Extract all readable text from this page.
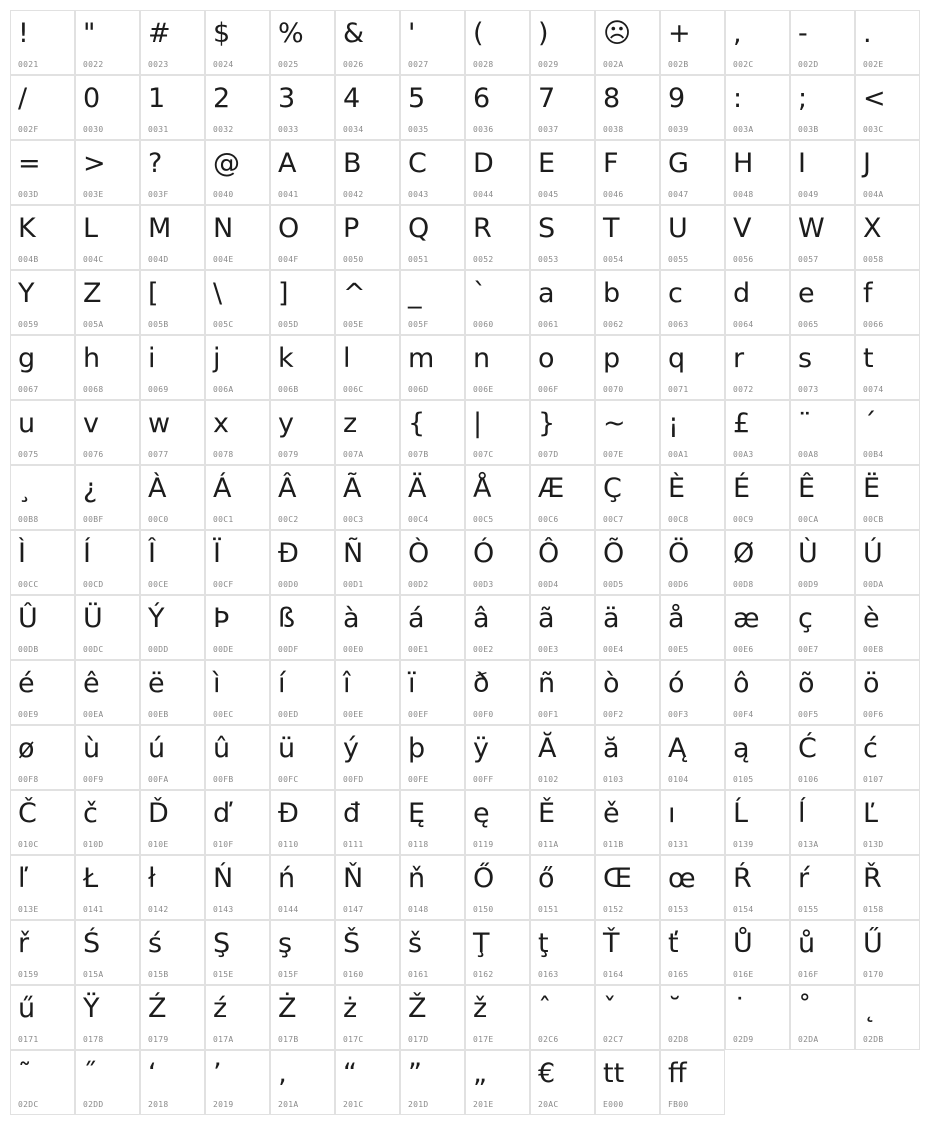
!
0021
"
0022
#
0023
$
0024
%
0025
&
0026
'
0027
(
0028
)
0029
☹
002A
+
002B
,
002C
-
002D
.
002E
/
002F
0
0030
1
0031
2
0032
3
0033
4
0034
5
0035
6
0036
7
0037
8
0038
9
0039
:
003A
;
003B
<
003C
=
003D
>
003E
?
003F
@
0040
A
0041
B
0042
C
0043
D
0044
E
0045
F
0046
G
0047
H
0048
I
0049
J
004A
K
004B
L
004C
M
004D
N
004E
O
004F
P
0050
Q
0051
R
0052
S
0053
T
0054
U
0055
V
0056
W
0057
X
0058
Y
0059
Z
005A
[
005B
\
005C
]
005D
^
005E
_
005F
`
0060
a
0061
b
0062
c
0063
d
0064
e
0065
f
0066
g
0067
h
0068
i
0069
j
006A
k
006B
l
006C
m
006D
n
006E
o
006F
p
0070
q
0071
r
0072
s
0073
t
0074
u
0075
v
0076
w
0077
x
0078
y
0079
z
007A
{
007B
|
007C
}
007D
~
007E
¡
00A1
£
00A3
¨
00A8
´
00B4
¸
00B8
¿
00BF
À
00C0
Á
00C1
Â
00C2
Ã
00C3
Ä
00C4
Å
00C5
Æ
00C6
Ç
00C7
È
00C8
É
00C9
Ê
00CA
Ë
00CB
Ì
00CC
Í
00CD
Î
00CE
Ï
00CF
Ð
00D0
Ñ
00D1
Ò
00D2
Ó
00D3
Ô
00D4
Õ
00D5
Ö
00D6
Ø
00D8
Ù
00D9
Ú
00DA
Û
00DB
Ü
00DC
Ý
00DD
Þ
00DE
ß
00DF
à
00E0
á
00E1
â
00E2
ã
00E3
ä
00E4
å
00E5
æ
00E6
ç
00E7
è
00E8
é
00E9
ê
00EA
ë
00EB
ì
00EC
í
00ED
î
00EE
ï
00EF
ð
00F0
ñ
00F1
ò
00F2
ó
00F3
ô
00F4
õ
00F5
ö
00F6
ø
00F8
ù
00F9
ú
00FA
û
00FB
ü
00FC
ý
00FD
þ
00FE
ÿ
00FF
Ă
0102
ă
0103
Ą
0104
ą
0105
Ć
0106
ć
0107
Č
010C
č
010D
Ď
010E
ď
010F
Đ
0110
đ
0111
Ę
0118
ę
0119
Ě
011A
ě
011B
ı
0131
Ĺ
0139
ĺ
013A
Ľ
013D
ľ
013E
Ł
0141
ł
0142
Ń
0143
ń
0144
Ň
0147
ň
0148
Ő
0150
ő
0151
Œ
0152
œ
0153
Ŕ
0154
ŕ
0155
Ř
0158
ř
0159
Ś
015A
ś
015B
Ş
015E
ş
015F
Š
0160
š
0161
Ţ
0162
ţ
0163
Ť
0164
ť
0165
Ů
016E
ů
016F
Ű
0170
ű
0171
Ÿ
0178
Ź
0179
ź
017A
Ż
017B
ż
017C
Ž
017D
ž
017E
ˆ
02C6
ˇ
02C7
˘
02D8
˙
02D9
˚
02DA
˛
02DB
˜
02DC
˝
02DD
‘
2018
’
2019
‚
201A
“
201C
”
201D
„
201E
€
20AC
tt
E000
ff
FB00
